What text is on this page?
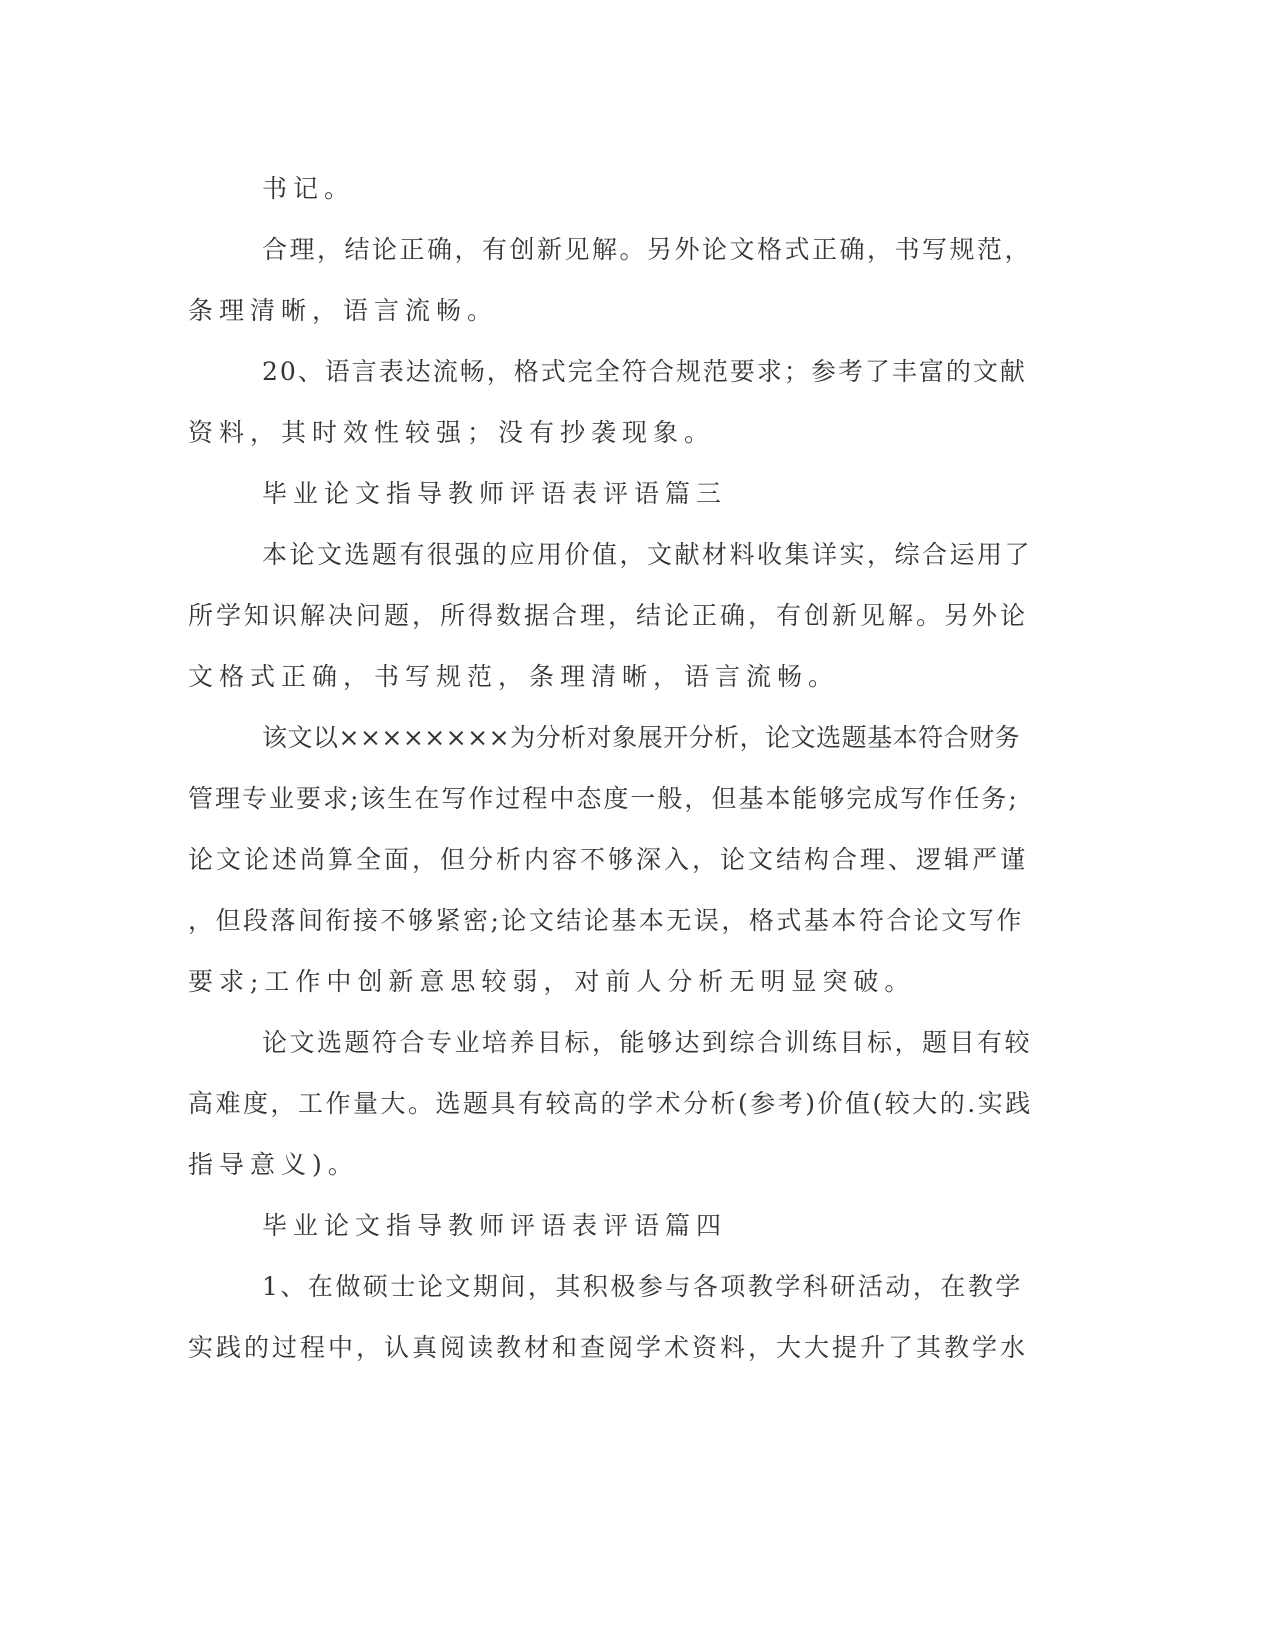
书记。
合理，结论正确，有创新见解。另外论文格式正确，书写规范，
条理清晰，语言流畅。
20、语言表达流畅，格式完全符合规范要求；参考了丰富的文献
资料，其时效性较强；没有抄袭现象。
毕业论文指导教师评语表评语篇三
本论文选题有很强的应用价值，文献材料收集详实，综合运用了
所学知识解决问题，所得数据合理，结论正确，有创新见解。另外论
文格式正确，书写规范，条理清晰，语言流畅。
该文以××××××××为分析对象展开分析，论文选题基本符合财务
管理专业要求;该生在写作过程中态度一般，但基本能够完成写作任务;
论文论述尚算全面，但分析内容不够深入，论文结构合理、逻辑严谨
，但段落间衔接不够紧密;论文结论基本无误，格式基本符合论文写作
要求;工作中创新意思较弱，对前人分析无明显突破。
论文选题符合专业培养目标，能够达到综合训练目标，题目有较
高难度，工作量大。选题具有较高的学术分析(参考)价值(较大的.实践
指导意义)。
毕业论文指导教师评语表评语篇四
1、在做硕士论文期间，其积极参与各项教学科研活动，在教学
实践的过程中，认真阅读教材和查阅学术资料，大大提升了其教学水
